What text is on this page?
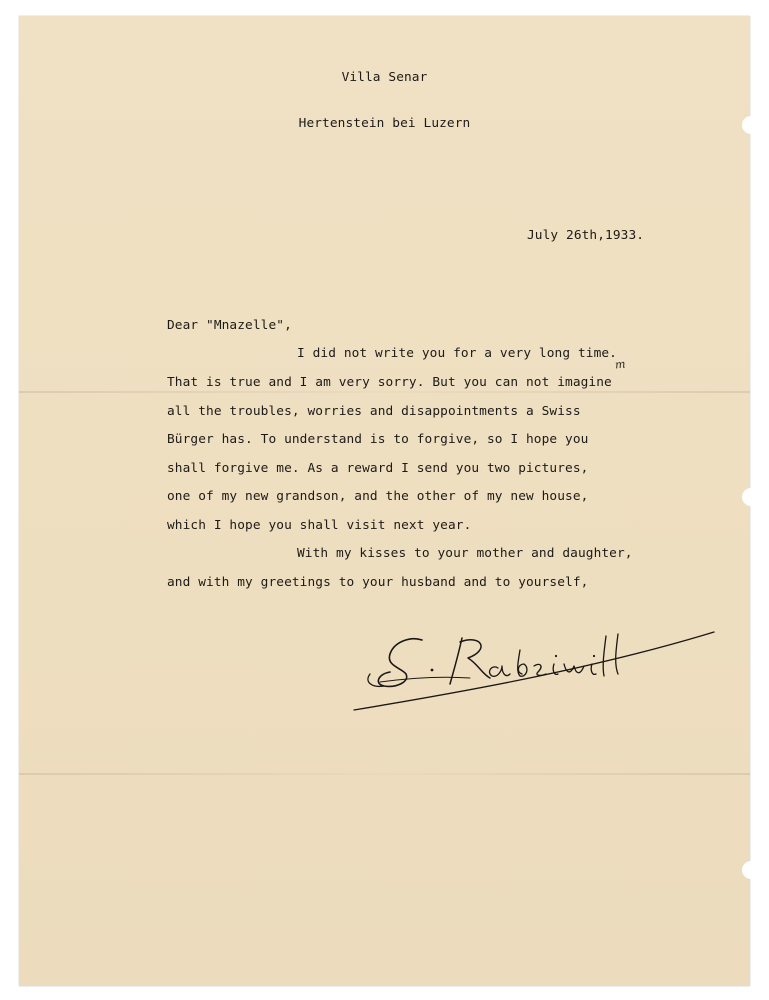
Villa Senar

Hertenstein bei Luzern

July 26th,1933.
Dear "Mnazelle",
I did not write you for a very long time.
That is true and I am very sorry. But you can not imagine
all the troubles, worries and disappointments a Swiss
Bürger has. To understand is to forgive, so I hope you
shall forgive me. As a reward I send you two pictures,
one of my new grandson, and the other of my new house,
which I hope you shall visit next year.
With my kisses to your mother and daughter,
and with my greetings to your husband and to yourself,
m
